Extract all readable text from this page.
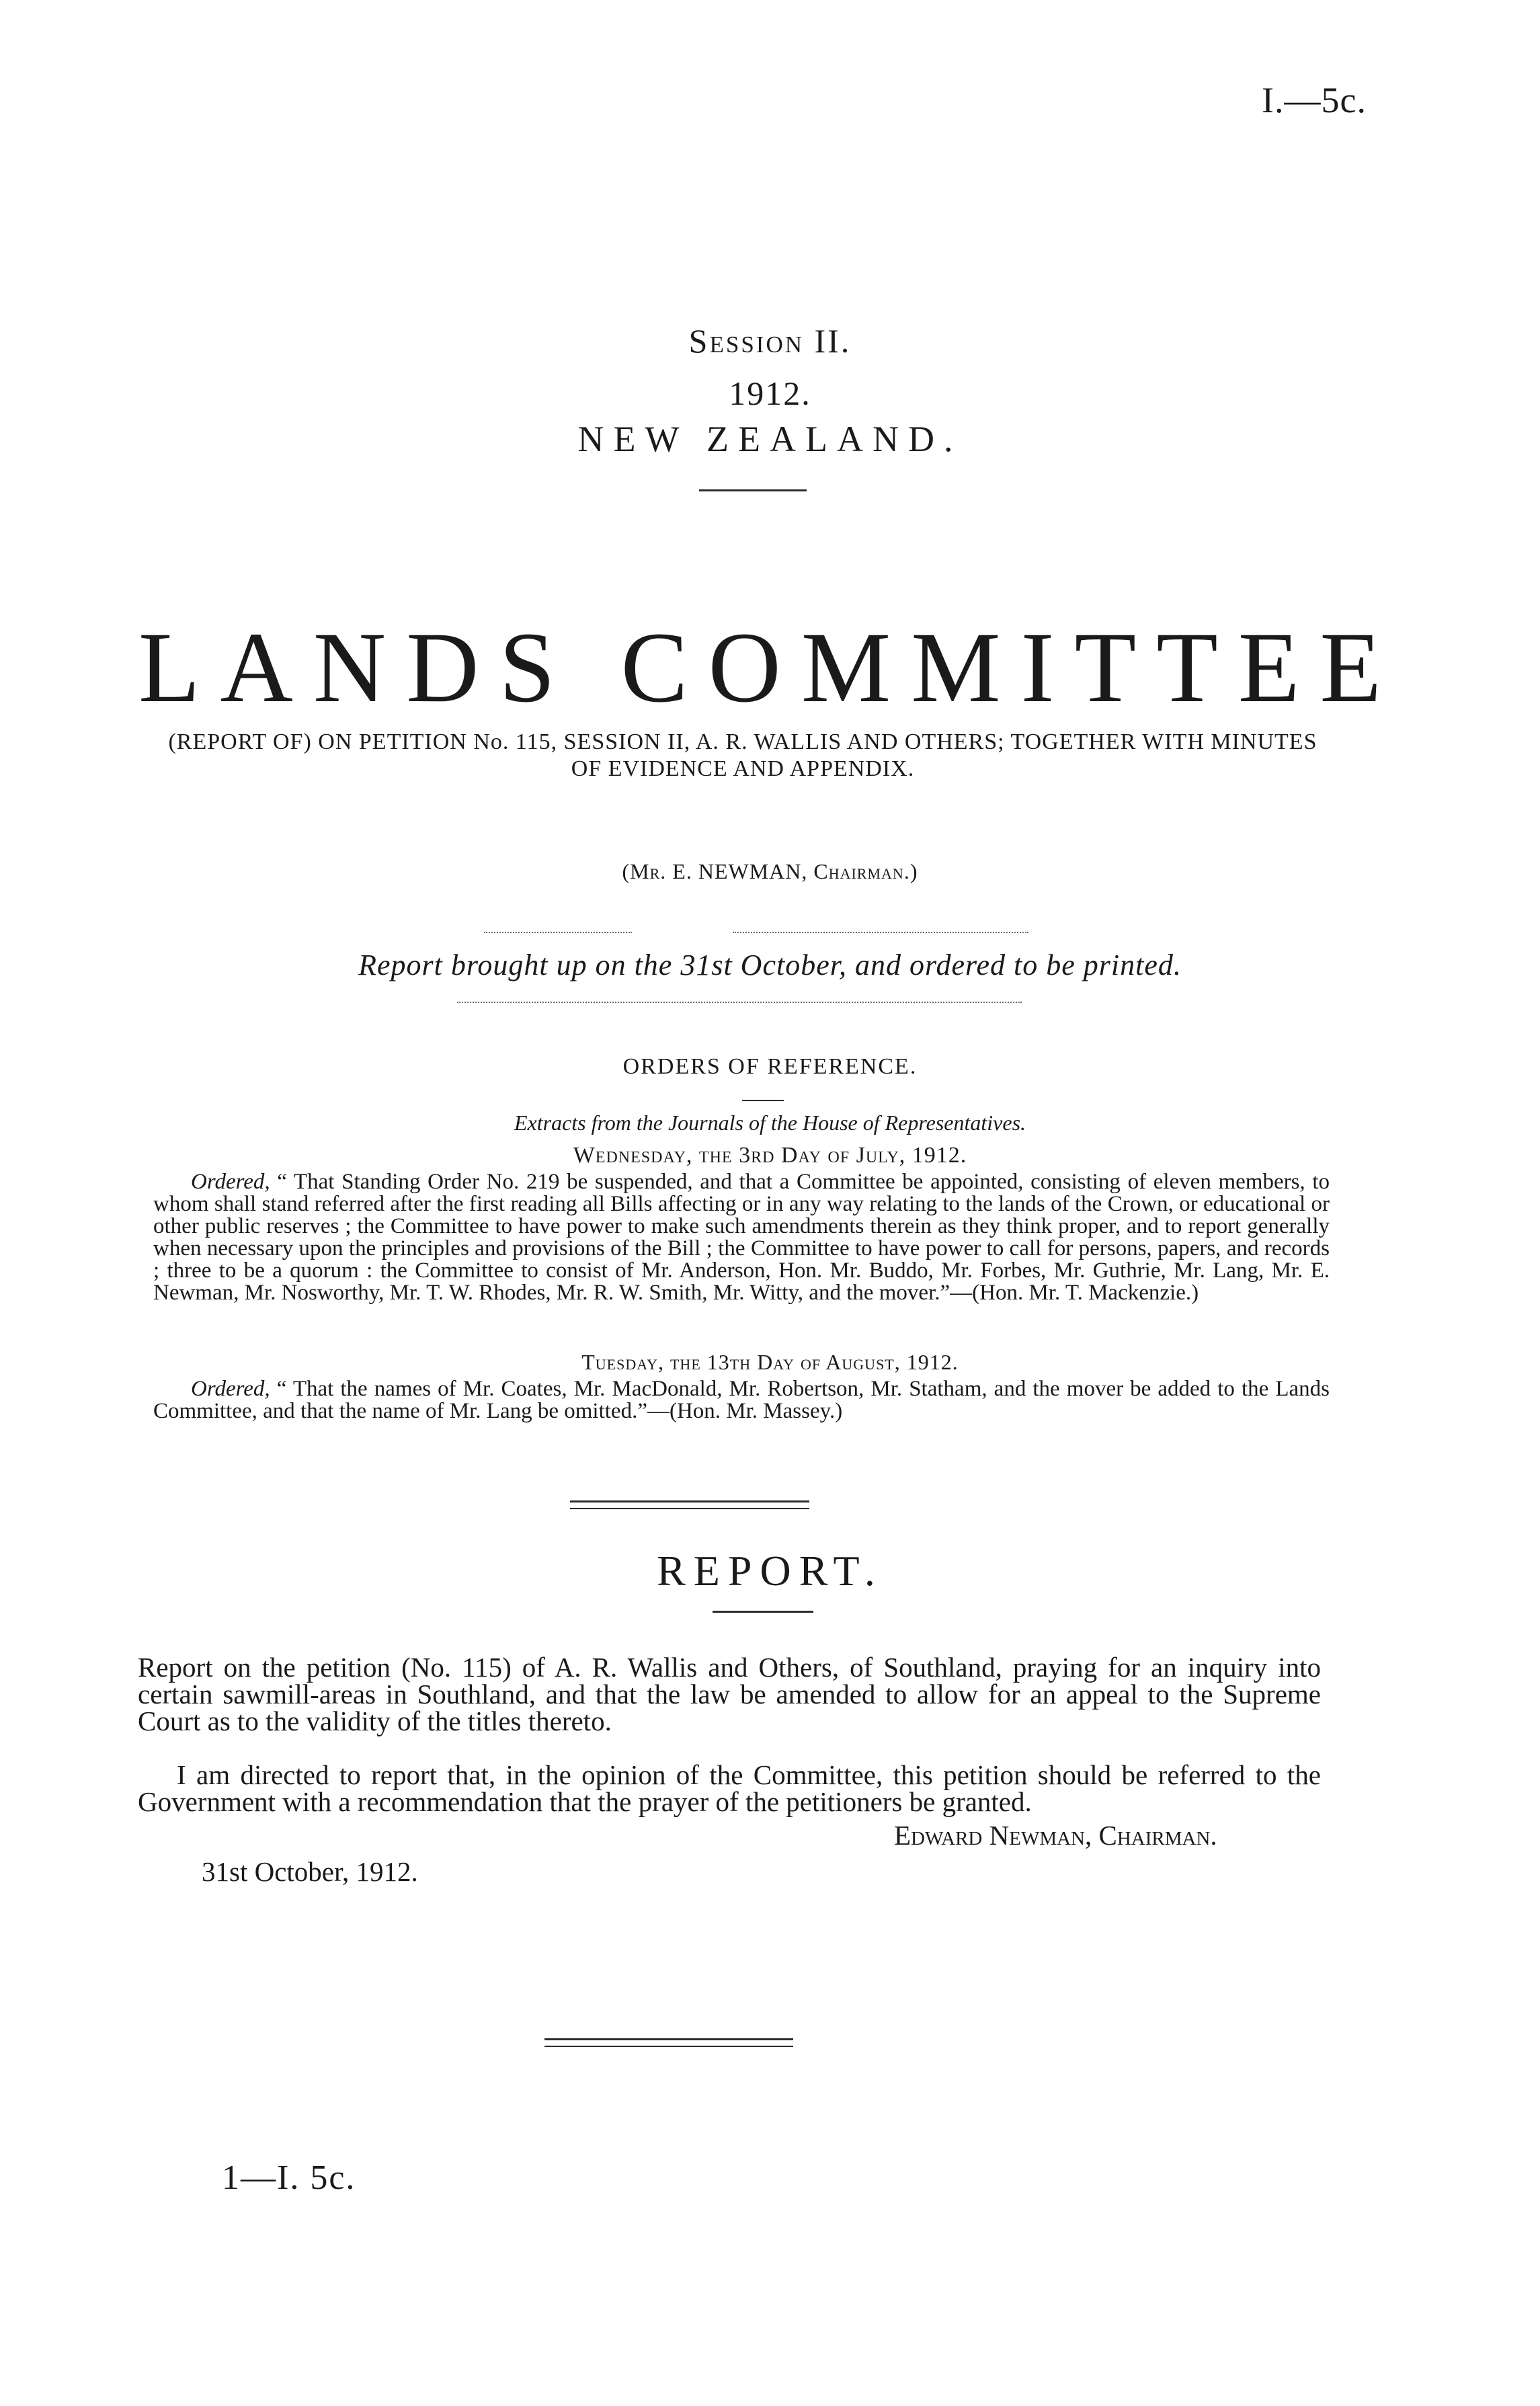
I.—5c.
Session II.
1912.
NEW ZEALAND.
LANDS COMMITTEE
(REPORT OF) ON PETITION No. 115, SESSION II, A. R. WALLIS AND OTHERS; TOGETHER WITH MINUTES OF EVIDENCE AND APPENDIX.
(Mr. E. NEWMAN, Chairman.)
Report brought up on the 31st October, and ordered to be printed.
ORDERS OF REFERENCE.
Extracts from the Journals of the House of Representatives.
Wednesday, the 3rd Day of July, 1912.
Ordered, “ That Standing Order No. 219 be suspended, and that a Committee be appointed, consisting of eleven members, to whom shall stand referred after the first reading all Bills affecting or in any way relating to the lands of the Crown, or educational or other public reserves ; the Committee to have power to make such amendments therein as they think proper, and to report generally when necessary upon the principles and provisions of the Bill ; the Committee to have power to call for persons, papers, and records ; three to be a quorum : the Committee to consist of Mr. Anderson, Hon. Mr. Buddo, Mr. Forbes, Mr. Guthrie, Mr. Lang, Mr. E. Newman, Mr. Nosworthy, Mr. T. W. Rhodes, Mr. R. W. Smith, Mr. Witty, and the mover.”—(Hon. Mr. T. Mackenzie.)
Tuesday, the 13th Day of August, 1912.
Ordered, “ That the names of Mr. Coates, Mr. MacDonald, Mr. Robertson, Mr. Statham, and the mover be added to the Lands Committee, and that the name of Mr. Lang be omitted.”—(Hon. Mr. Massey.)
REPORT.
Report on the petition (No. 115) of A. R. Wallis and Others, of Southland, praying for an inquiry into certain sawmill-areas in Southland, and that the law be amended to allow for an appeal to the Supreme Court as to the validity of the titles thereto.
I am directed to report that, in the opinion of the Committee, this petition should be referred to the Government with a recommendation that the prayer of the petitioners be granted.
Edward Newman, Chairman.
31st October, 1912.
1—I. 5c.
